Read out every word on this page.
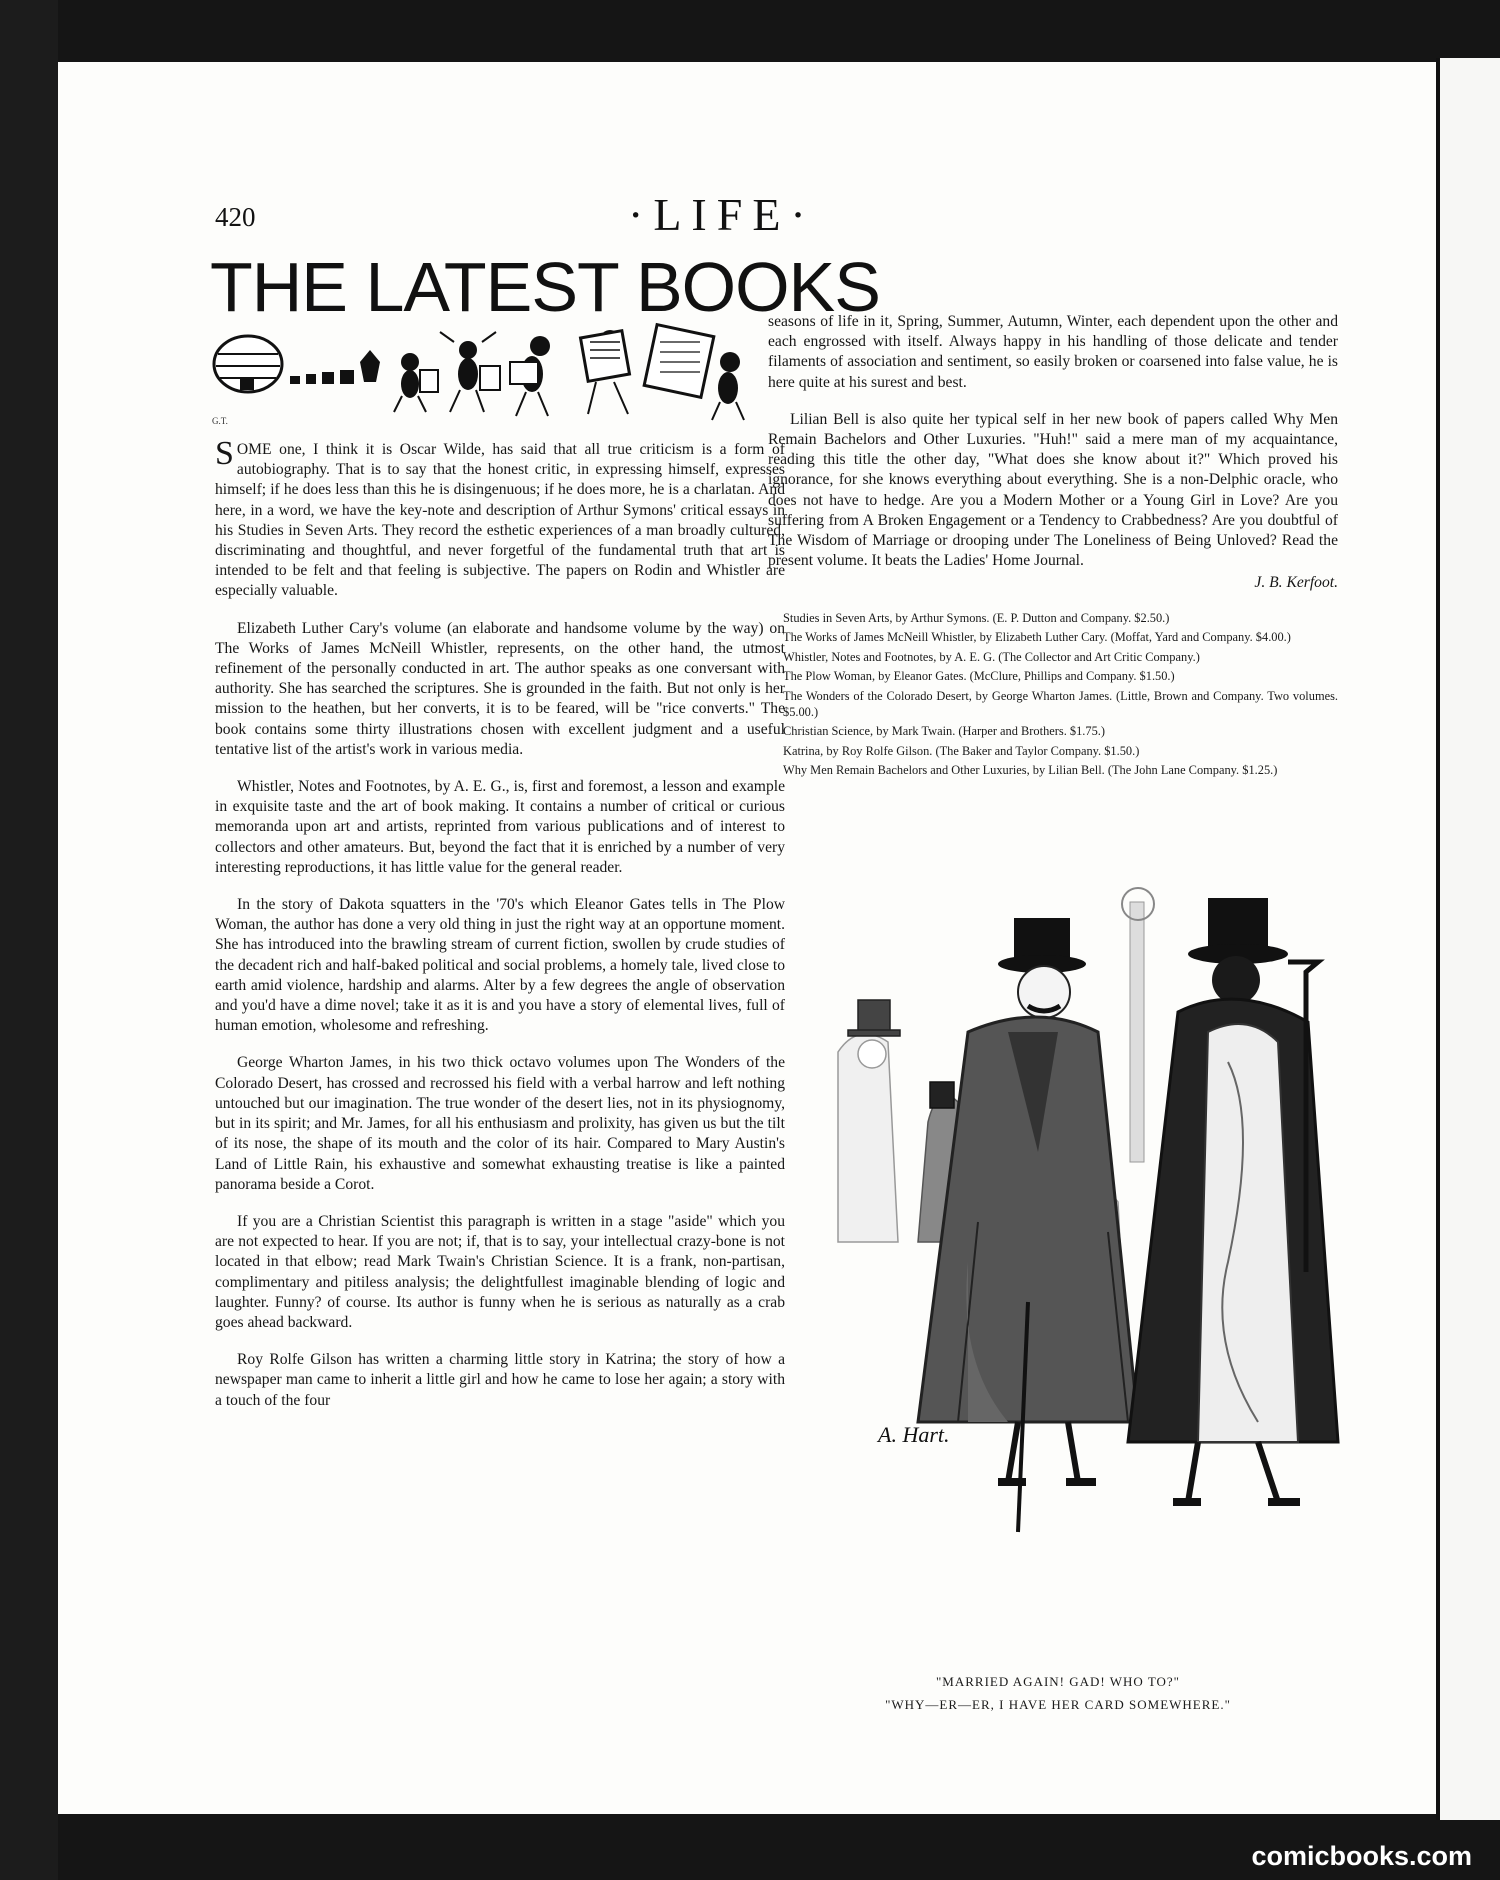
420	·LIFE·
THE LATEST BOOKS
G.T.

SOME one, I think it is Oscar Wilde, has said that all true criticism is a form of autobiography. That is to say that the honest critic, in expressing himself, expresses himself; if he does less than this he is disingenuous; if he does more, he is a charlatan. And here, in a word, we have the key-note and description of Arthur Symons' critical essays in his Studies in Seven Arts. They record the esthetic experiences of a man broadly cultured, discriminating and thoughtful, and never forgetful of the fundamental truth that art is intended to be felt and that feeling is subjective. The papers on Rodin and Whistler are especially valuable.

Elizabeth Luther Cary's volume (an elaborate and handsome volume by the way) on The Works of James McNeill Whistler, represents, on the other hand, the utmost refinement of the personally conducted in art. The author speaks as one conversant with authority. She has searched the scriptures. She is grounded in the faith. But not only is her mission to the heathen, but her converts, it is to be feared, will be "rice converts." The book contains some thirty illustrations chosen with excellent judgment and a useful tentative list of the artist's work in various media.

Whistler, Notes and Footnotes, by A. E. G., is, first and foremost, a lesson and example in exquisite taste and the art of book making. It contains a number of critical or curious memoranda upon art and artists, reprinted from various publications and of interest to collectors and other amateurs. But, beyond the fact that it is enriched by a number of very interesting reproductions, it has little value for the general reader.

In the story of Dakota squatters in the '70's which Eleanor Gates tells in The Plow Woman, the author has done a very old thing in just the right way at an opportune moment. She has introduced into the brawling stream of current fiction, swollen by crude studies of the decadent rich and half-baked political and social problems, a homely tale, lived close to earth amid violence, hardship and alarms. Alter by a few degrees the angle of observation and you'd have a dime novel; take it as it is and you have a story of elemental lives, full of human emotion, wholesome and refreshing.

George Wharton James, in his two thick octavo volumes upon The Wonders of the Colorado Desert, has crossed and recrossed his field with a verbal harrow and left nothing untouched but our imagination. The true wonder of the desert lies, not in its physiognomy, but in its spirit; and Mr. James, for all his enthusiasm and prolixity, has given us but the tilt of its nose, the shape of its mouth and the color of its hair. Compared to Mary Austin's Land of Little Rain, his exhaustive and somewhat exhausting treatise is like a painted panorama beside a Corot.

If you are a Christian Scientist this paragraph is written in a stage "aside" which you are not expected to hear. If you are not; if, that is to say, your intellectual crazy-bone is not located in that elbow; read Mark Twain's Christian Science. It is a frank, non-partisan, complimentary and pitiless analysis; the delightfullest imaginable blending of logic and laughter. Funny? of course. Its author is funny when he is serious as naturally as a crab goes ahead backward.

Roy Rolfe Gilson has written a charming little story in Katrina; the story of how a newspaper man came to inherit a little girl and how he came to lose her again; a story with a touch of the four

seasons of life in it, Spring, Summer, Autumn, Winter, each dependent upon the other and each engrossed with itself. Always happy in his handling of those delicate and tender filaments of association and sentiment, so easily broken or coarsened into false value, he is here quite at his surest and best.

Lilian Bell is also quite her typical self in her new book of papers called Why Men Remain Bachelors and Other Luxuries. "Huh!" said a mere man of my acquaintance, reading this title the other day, "What does she know about it?" Which proved his ignorance, for she knows everything about everything. She is a non-Delphic oracle, who does not have to hedge. Are you a Modern Mother or a Young Girl in Love? Are you suffering from A Broken Engagement or a Tendency to Crabbedness? Are you doubtful of The Wisdom of Marriage or drooping under The Loneliness of Being Unloved? Read the present volume. It beats the Ladies' Home Journal.

J. B. Kerfoot.

Studies in Seven Arts, by Arthur Symons. (E. P. Dutton and Company. $2.50.)

The Works of James McNeill Whistler, by Elizabeth Luther Cary. (Moffat, Yard and Company. $4.00.)

Whistler, Notes and Footnotes, by A. E. G. (The Collector and Art Critic Company.)

The Plow Woman, by Eleanor Gates. (McClure, Phillips and Company. $1.50.)

The Wonders of the Colorado Desert, by George Wharton James. (Little, Brown and Company. Two volumes. $5.00.)

Christian Science, by Mark Twain. (Harper and Brothers. $1.75.)

Katrina, by Roy Rolfe Gilson. (The Baker and Taylor Company. $1.50.)

Why Men Remain Bachelors and Other Luxuries, by Lilian Bell. (The John Lane Company. $1.25.)

A. Hart.
"MARRIED AGAIN! GAD! WHO TO?"
"WHY—ER—ER, I HAVE HER CARD SOMEWHERE."
comicbooks.com
